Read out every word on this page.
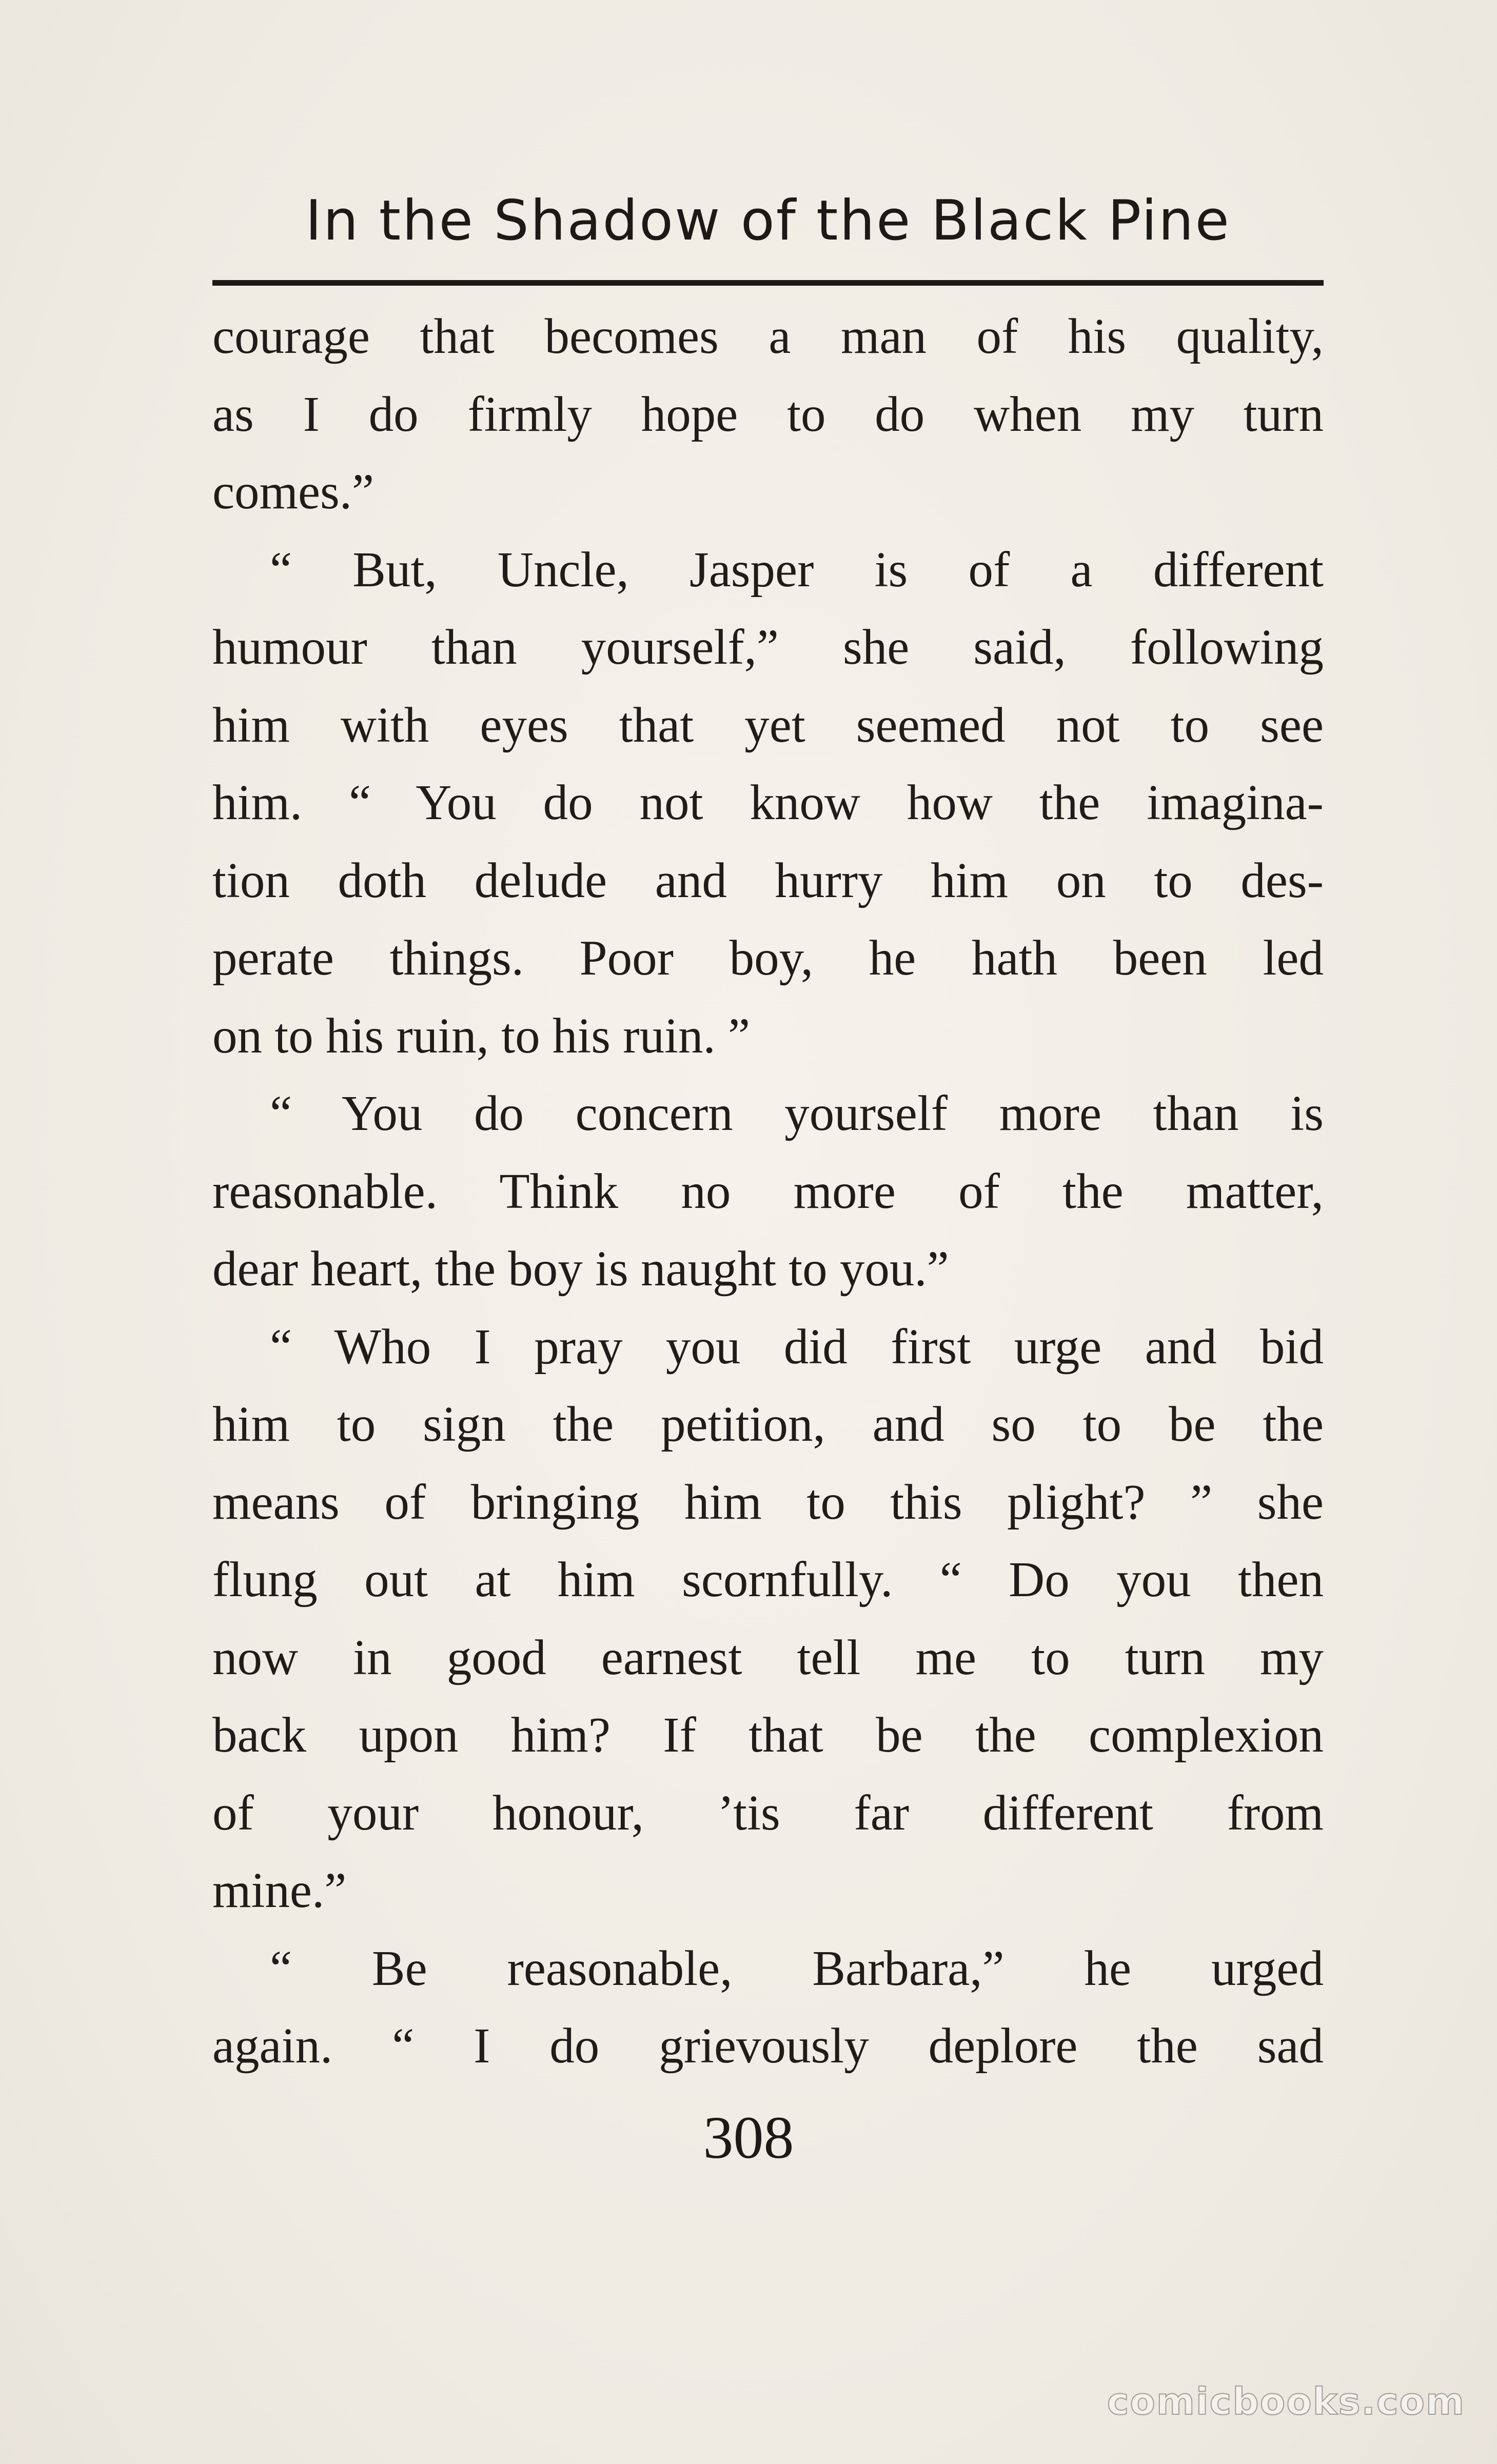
In the Shadow of the Black Pine
courage that becomes a man of his quality,
as I do firmly hope to do when my turn
comes.”
“ But, Uncle, Jasper is of a different
humour than yourself,” she said, following
him with eyes that yet seemed not to see
him. “ You do not know how the imagina-
tion doth delude and hurry him on to des-
perate things. Poor boy, he hath been led
on to his ruin, to his ruin. ”
“ You do concern yourself more than is
reasonable. Think no more of the matter,
dear heart, the boy is naught to you.”
“ Who I pray you did first urge and bid
him to sign the petition, and so to be the
means of bringing him to this plight? ” she
flung out at him scornfully. “ Do you then
now in good earnest tell me to turn my
back upon him? If that be the complexion
of your honour, ’tis far different from
mine.”
“ Be reasonable, Barbara,” he urged
again. “ I do grievously deplore the sad
308
comicbooks.com
